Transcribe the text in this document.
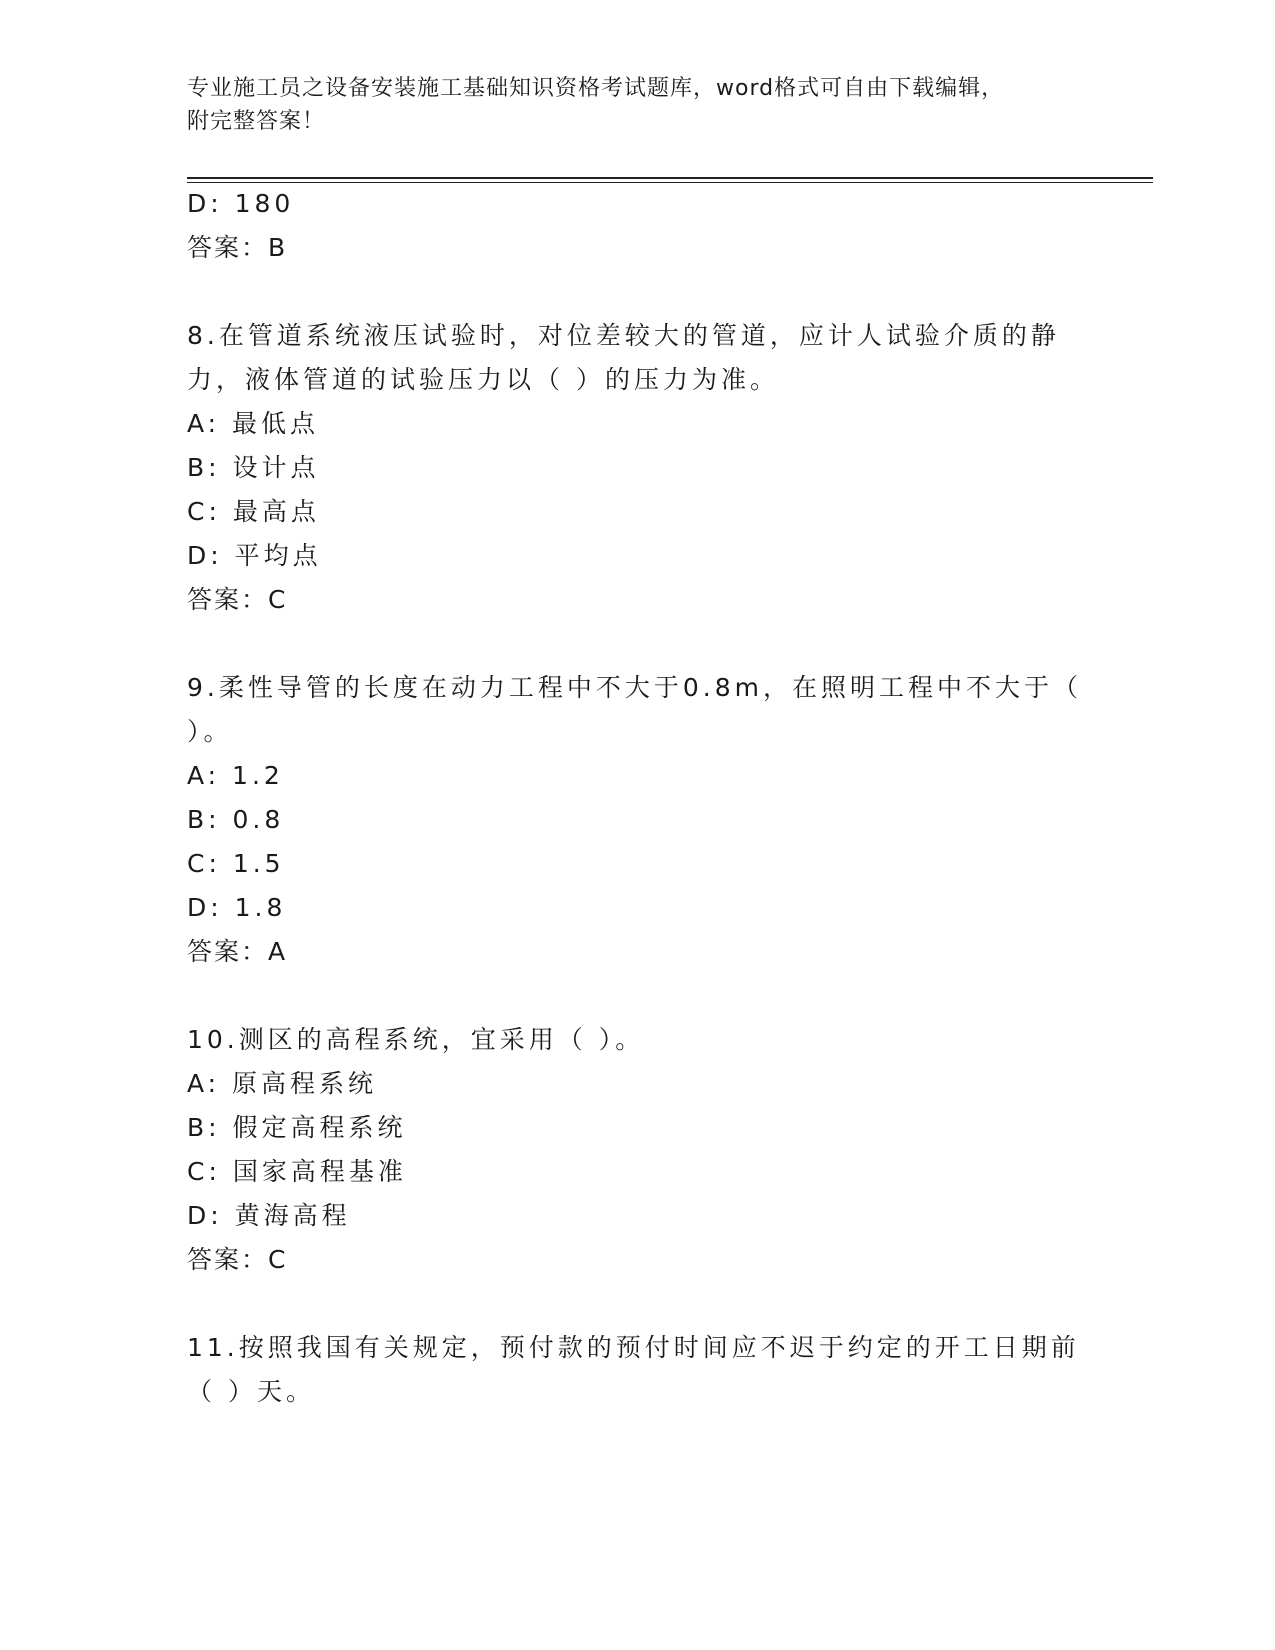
专业施工员之设备安装施工基础知识资格考试题库，word格式可自由下载编辑，
附完整答案！
D: 180
答案：B
8.在管道系统液压试验时，对位差较大的管道，应计人试验介质的静
力，液体管道的试验压力以（ ）的压力为准。
A: 最低点
B: 设计点
C: 最高点
D: 平均点
答案：C
9.柔性导管的长度在动力工程中不大于0.8m，在照明工程中不大于（
）。
A: 1.2
B: 0.8
C: 1.5
D: 1.8
答案：A
10.测区的高程系统，宜采用（ ）。
A: 原高程系统
B: 假定高程系统
C: 国家高程基准
D: 黄海高程
答案：C
11.按照我国有关规定，预付款的预付时间应不迟于约定的开工日期前
（ ）天。
